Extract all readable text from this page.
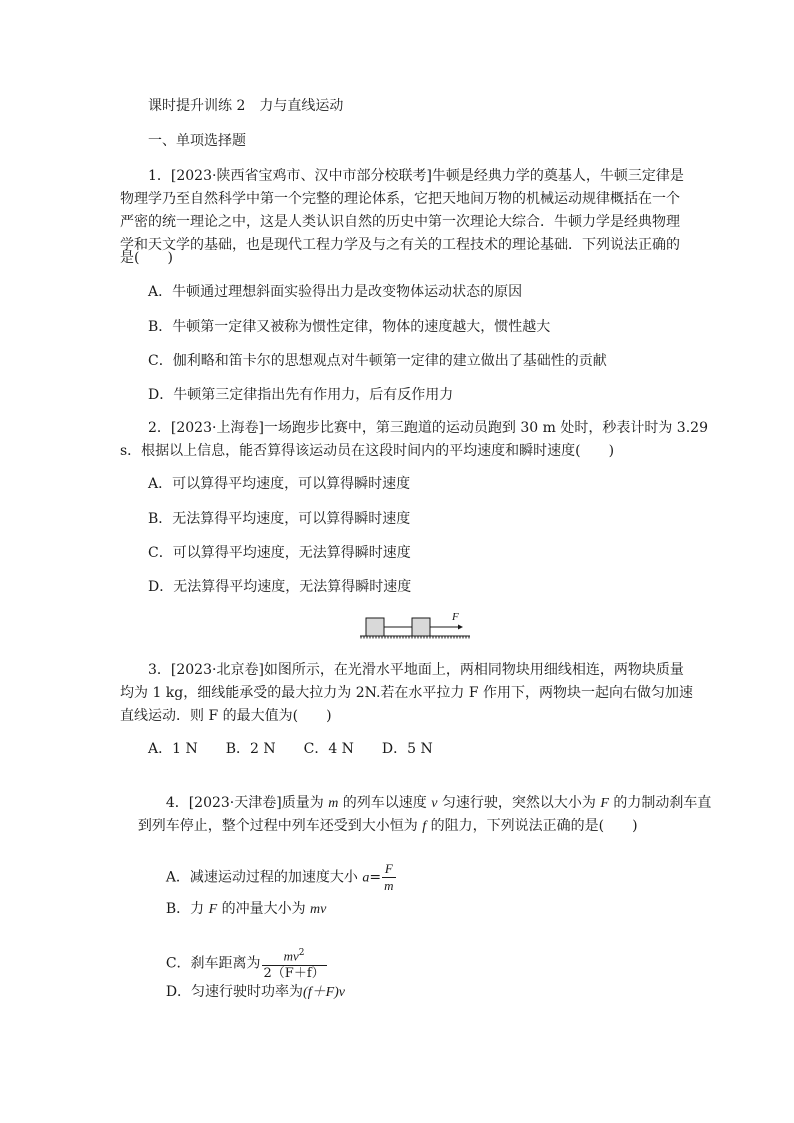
课时提升训练 2　力与直线运动
一、单项选择题
1．[2023·陕西省宝鸡市、汉中市部分校联考]牛顿是经典力学的奠基人，牛顿三定律是
物理学乃至自然科学中第一个完整的理论体系，它把天地间万物的机械运动规律概括在一个
严密的统一理论之中，这是人类认识自然的历史中第一次理论大综合．牛顿力学是经典物理
学和天文学的基础，也是现代工程力学及与之有关的工程技术的理论基础．下列说法正确的
是(　　)
A．牛顿通过理想斜面实验得出力是改变物体运动状态的原因
B．牛顿第一定律又被称为惯性定律，物体的速度越大，惯性越大
C．伽利略和笛卡尔的思想观点对牛顿第一定律的建立做出了基础性的贡献
D．牛顿第三定律指出先有作用力，后有反作用力
2．[2023·上海卷]一场跑步比赛中，第三跑道的运动员跑到 30 m 处时，秒表计时为 3.29
s．根据以上信息，能否算得该运动员在这段时间内的平均速度和瞬时速度(　　)
A．可以算得平均速度，可以算得瞬时速度
B．无法算得平均速度，可以算得瞬时速度
C．可以算得平均速度，无法算得瞬时速度
D．无法算得平均速度，无法算得瞬时速度
F
3．[2023·北京卷]如图所示，在光滑水平地面上，两相同物块用细线相连，两物块质量
均为 1 kg，细线能承受的最大拉力为 2N.若在水平拉力 F 作用下，两物块一起向右做匀加速
直线运动．则 F 的最大值为(　　)
A．1 N　　B．2 N　　C．4 N　　D．5 N

4．[2023·天津卷]质量为 m 的列车以速度 v 匀速行驶，突然以大小为 F 的力制动刹车直

到列车停止，整个过程中列车还受到大小恒为 f 的阻力，下列说法正确的是(　　)

A．减速运动过程的加速度大小 $a= \frac{F}{m}$

B．力 F 的冲量大小为 mv

C．刹车距离为 $\frac{mv^2}{2(F+f)}$

D．匀速行驶时功率为(f＋F)v
